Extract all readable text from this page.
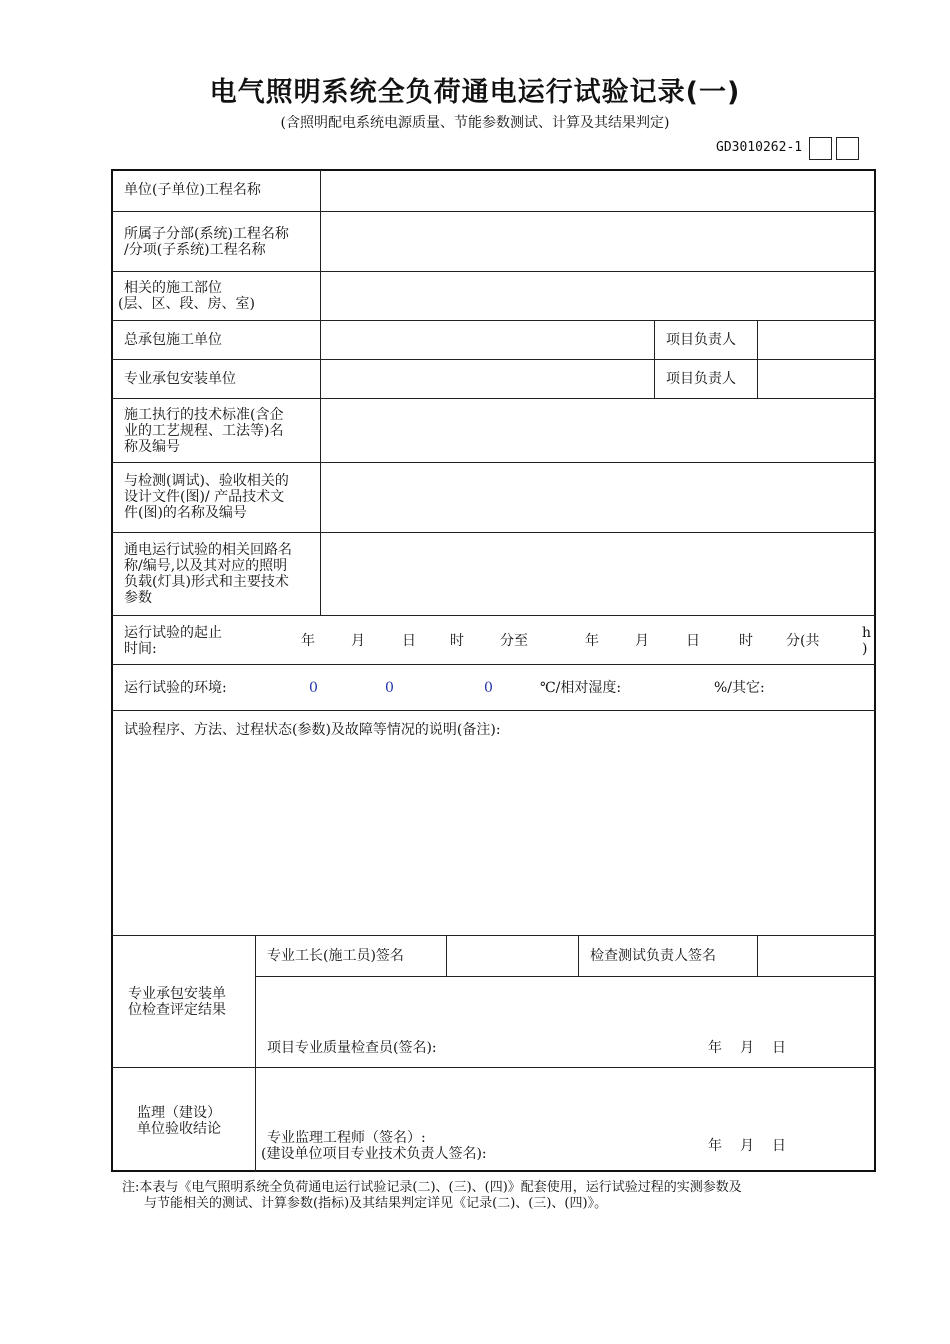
电气照明系统全负荷通电运行试验记录(一)
(含照明配电系统电源质量、节能参数测试、计算及其结果判定)
GD3010262-1
单位(子单位)工程名称
所属子分部(系统)工程名称
/分项(子系统)工程名称
相关的施工部位
(层、区、段、房、室)
总承包施工单位	项目负责人
专业承包安装单位	项目负责人
施工执行的技术标准(含企
业的工艺规程、工法等)名
称及编号
与检测(调试)、验收相关的
设计文件(图)/ 产品技术文
件(图)的名称及编号
通电运行试验的相关回路名
称/编号,以及其对应的照明
负载(灯具)形式和主要技术
参数
运行试验的起止
时间:	年	月	日 时	分至	年	月	日	时 分(共	h
)
运行试验的环境:	0	0	0	℃/相对湿度:	%/其它:
试验程序、方法、过程状态(参数)及故障等情况的说明(备注):
专业承包安装单
位检查评定结果
专业工长(施工员)签名	检查测试负责人签名
项目专业质量检查员(签名):	年 月 日
监理（建设）
单位验收结论
专业监理工程师（签名）:
(建设单位项目专业技术负责人签名):	年 月 日
注:本表与《电气照明系统全负荷通电运行试验记录(二)、(三)、(四)》配套使用，运行试验过程的实测参数及
与节能相关的测试、计算参数(指标)及其结果判定详见《记录(二)、(三)、(四)》。
